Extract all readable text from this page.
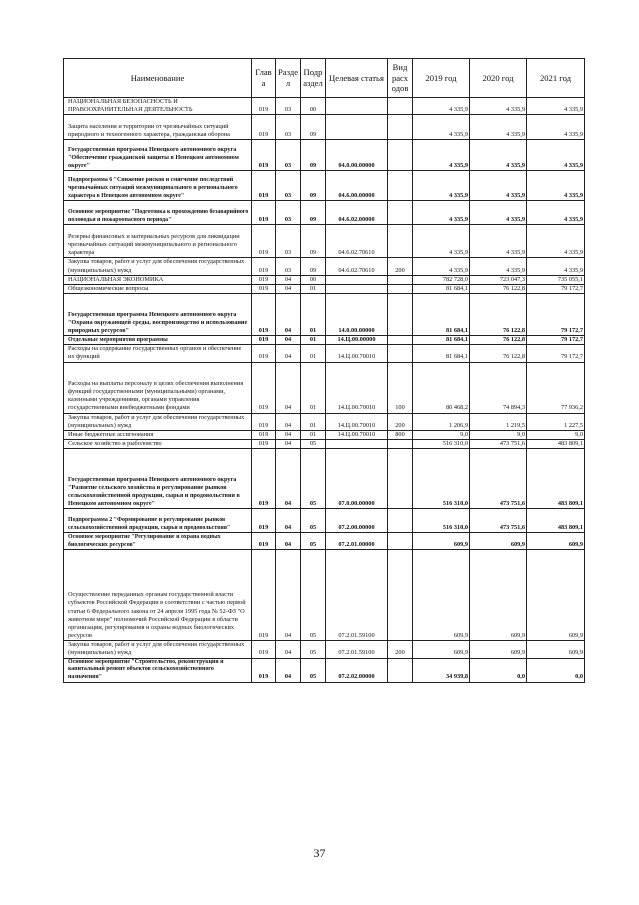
Наименование	Глав а	Разде л	Подр аздел	Целевая статья	Вид расх одов	2019 год	2020 год	2021 год
НАЦИОНАЛЬНАЯ БЕЗОПАСНОСТЬ И ПРАВООХРАНИТЕЛЬНАЯ ДЕЯТЕЛЬНОСТЬ	019	03	00			4 335,9	4 335,9	4 335,9
Защита населения и территории от чрезвычайных ситуаций природного и техногенного характера, гражданская оборона	019	03	09			4 335,9	4 335,9	4 335,9
Государственная программа Ненецкого автономного округа "Обеспечение гражданской защиты в Ненецком автономном округе"	019	03	09	04.0.00.00000		4 335,9	4 335,9	4 335,9
Подпрограмма 6 "Снижение рисков и смягчение последствий чрезвычайных ситуаций межмуниципального и регионального характера в Ненецком автономном округе"	019	03	09	04.6.00.00000		4 335,9	4 335,9	4 335,9
Основное мероприятие "Подготовка к прохождению безаварийного половодья и пожароопасного периода"	019	03	09	04.6.02.00000		4 335,9	4 335,9	4 335,9
Резервы финансовых и материальных ресурсов для ликвидации чрезвычайных ситуаций межмуниципального и регионального характера	019	03	09	04.6.02.70610		4 335,9	4 335,9	4 335,9
Закупка товаров, работ и услуг для обеспечения государственных (муниципальных) нужд	019	03	09	04.6.02.70610	200	4 335,9	4 335,9	4 335,9
НАЦИОНАЛЬНАЯ ЭКОНОМИКА	019	04	00			782 728,0	723 047,3	735 055,1
Общеэкономические вопросы	019	04	01			81 684,1	76 122,8	79 172,7
Государственная программа Ненецкого автономного округа "Охрана окружающей среды, воспроизводство и использование природных ресурсов"	019	04	01	14.0.00.00000		81 684,1	76 122,8	79 172,7
Отдельные мероприятия программы	019	04	01	14.Ц.00.00000		81 684,1	76 122,8	79 172,7
Расходы на содержание государственных органов и обеспечение их функций	019	04	01	14.Ц.00.70010		81 684,1	76 122,8	79 172,7
Расходы на выплаты персоналу в целях обеспечения выполнения функций государственными (муниципальными) органами, казенными учреждениями, органами управления государственными внебюджетными фондами	019	04	01	14.Ц.00.70010	100	80 468,2	74 894,3	77 936,2
Закупка товаров, работ и услуг для обеспечения государственных (муниципальных) нужд	019	04	01	14.Ц.00.70010	200	1 206,9	1 219,5	1 227,5
Иные бюджетные ассигнования	019	04	01	14.Ц.00.70010	800	9,0	9,0	9,0
Сельское хозяйство и рыболовство	019	04	05			516 310,0	473 751,6	483 809,1
Государственная программа Ненецкого автономного округа "Развитие сельского хозяйства и регулирование рынков сельскохозяйственной продукции, сырья и продовольствия в Ненецком автономном округе"	019	04	05	07.0.00.00000		516 310,0	473 751,6	483 809,1
Подпрограмма 2 "Формирование и регулирование рынков сельскохозяйственной продукции, сырья и продовольствия"	019	04	05	07.2.00.00000		516 310,0	473 751,6	483 809,1
Основное мероприятие "Регулирование и охрана водных биологических ресурсов"	019	04	05	07.2.01.00000		609,9	609,9	609,9
Осуществление переданных органам государственной власти субъектов Российской Федерации в соответствии с частью первой статьи 6 Федерального закона от 24 апреля 1995 года № 52-ФЗ "О животном мире" полномочий Российской Федерации в области организации, регулирования и охраны водных биологических ресурсов	019	04	05	07.2.01.59100		609,9	609,9	609,9
Закупка товаров, работ и услуг для обеспечения государственных (муниципальных) нужд	019	04	05	07.2.01.59100	200	609,9	609,9	609,9
Основное мероприятие "Строительство, реконструкция и капитальный ремонт объектов сельскохозяйственного назначения"	019	04	05	07.2.02.00000		34 939,8	0,0	0,0
37
